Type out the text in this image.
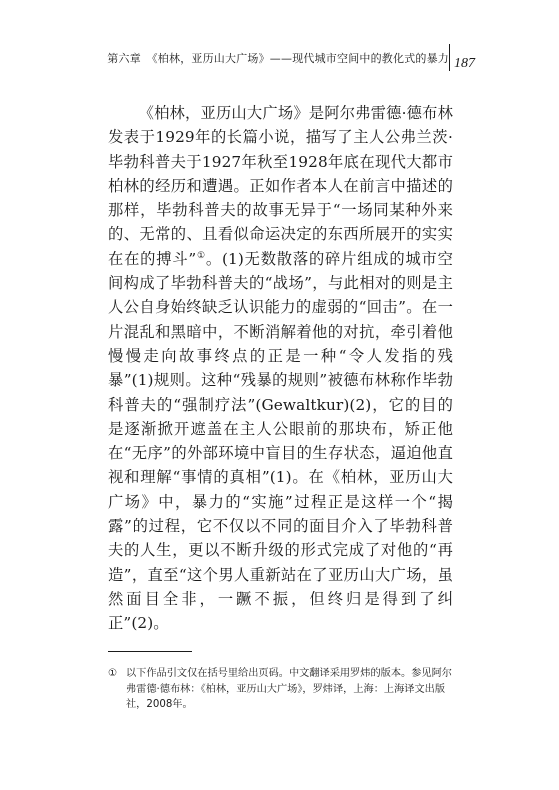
第六章　《柏林，亚历山大广场》——现代城市空间中的教化式的暴力 187

《柏林，亚历山大广场》是阿尔弗雷德·德布林发表于1929年的长篇小说，描写了主人公弗兰茨·毕勃科普夫于1927年秋至1928年底在现代大都市柏林的经历和遭遇。正如作者本人在前言中描述的那样，毕勃科普夫的故事无异于“一场同某种外来的、无常的、且看似命运决定的东西所展开的实实在在的搏斗”①。(1)无数散落的碎片组成的城市空间构成了毕勃科普夫的“战场”，与此相对的则是主人公自身始终缺乏认识能力的虚弱的“回击”。在一片混乱和黑暗中，不断消解着他的对抗，牵引着他慢慢走向故事终点的正是一种“令人发指的残暴”(1)规则。这种“残暴的规则”被德布林称作毕勃科普夫的“强制疗法”(Gewaltkur)(2)，它的目的是逐渐掀开遮盖在主人公眼前的那块布，矫正他在“无序”的外部环境中盲目的生存状态，逼迫他直视和理解“事情的真相”(1)。在《柏林，亚历山大广场》中，暴力的“实施”过程正是这样一个“揭露”的过程，它不仅以不同的面目介入了毕勃科普夫的人生，更以不断升级的形式完成了对他的“再造”，直至“这个男人重新站在了亚历山大广场，虽然面目全非，一蹶不振，但终归是得到了纠正”(2)。

① 以下作品引文仅在括号里给出页码。中文翻译采用罗炜的版本。参见阿尔弗雷德·德布林：《柏林，亚历山大广场》，罗炜译，上海：上海译文出版社，2008年。
